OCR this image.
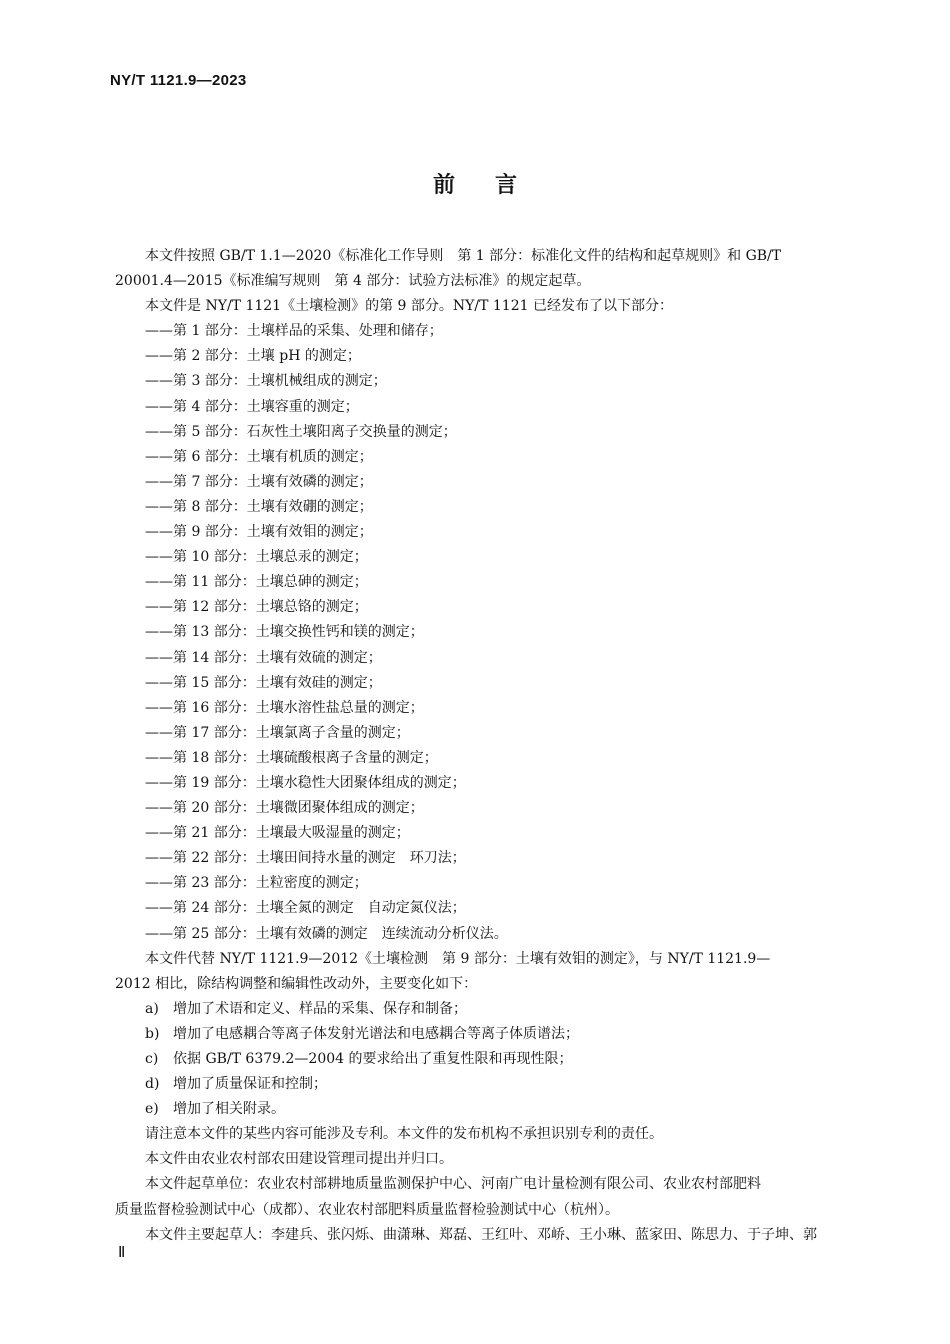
NY/T 1121.9—2023
前 言

本文件按照 GB/T 1.1—2020《标准化工作导则　第 1 部分：标准化文件的结构和起草规则》和 GB/T

20001.4—2015《标准编写规则　第 4 部分：试验方法标准》的规定起草。

本文件是 NY/T 1121《土壤检测》的第 9 部分。NY/T 1121 已经发布了以下部分：

——第 1 部分：土壤样品的采集、处理和储存；

——第 2 部分：土壤 pH 的测定；

——第 3 部分：土壤机械组成的测定；

——第 4 部分：土壤容重的测定；

——第 5 部分：石灰性土壤阳离子交换量的测定；

——第 6 部分：土壤有机质的测定；

——第 7 部分：土壤有效磷的测定；

——第 8 部分：土壤有效硼的测定；

——第 9 部分：土壤有效钼的测定；

——第 10 部分：土壤总汞的测定；

——第 11 部分：土壤总砷的测定；

——第 12 部分：土壤总铬的测定；

——第 13 部分：土壤交换性钙和镁的测定；

——第 14 部分：土壤有效硫的测定；

——第 15 部分：土壤有效硅的测定；

——第 16 部分：土壤水溶性盐总量的测定；

——第 17 部分：土壤氯离子含量的测定；

——第 18 部分：土壤硫酸根离子含量的测定；

——第 19 部分：土壤水稳性大团聚体组成的测定；

——第 20 部分：土壤微团聚体组成的测定；

——第 21 部分：土壤最大吸湿量的测定；

——第 22 部分：土壤田间持水量的测定　环刀法；

——第 23 部分：土粒密度的测定；

——第 24 部分：土壤全氮的测定　自动定氮仪法；

——第 25 部分：土壤有效磷的测定　连续流动分析仪法。

本文件代替 NY/T 1121.9—2012《土壤检测　第 9 部分：土壤有效钼的测定》，与 NY/T 1121.9—

2012 相比，除结构调整和编辑性改动外，主要变化如下：

a) 增加了术语和定义、样品的采集、保存和制备；

b) 增加了电感耦合等离子体发射光谱法和电感耦合等离子体质谱法；

c) 依据 GB/T 6379.2—2004 的要求给出了重复性限和再现性限；

d) 增加了质量保证和控制；

e) 增加了相关附录。

请注意本文件的某些内容可能涉及专利。本文件的发布机构不承担识别专利的责任。

本文件由农业农村部农田建设管理司提出并归口。

本文件起草单位：农业农村部耕地质量监测保护中心、河南广电计量检测有限公司、农业农村部肥料

质量监督检验测试中心（成都）、农业农村部肥料质量监督检验测试中心（杭州）。

本文件主要起草人：李建兵、张闪烁、曲潇琳、郑磊、王红叶、邓峤、王小琳、蓝家田、陈思力、于子坤、郭

Ⅱ
